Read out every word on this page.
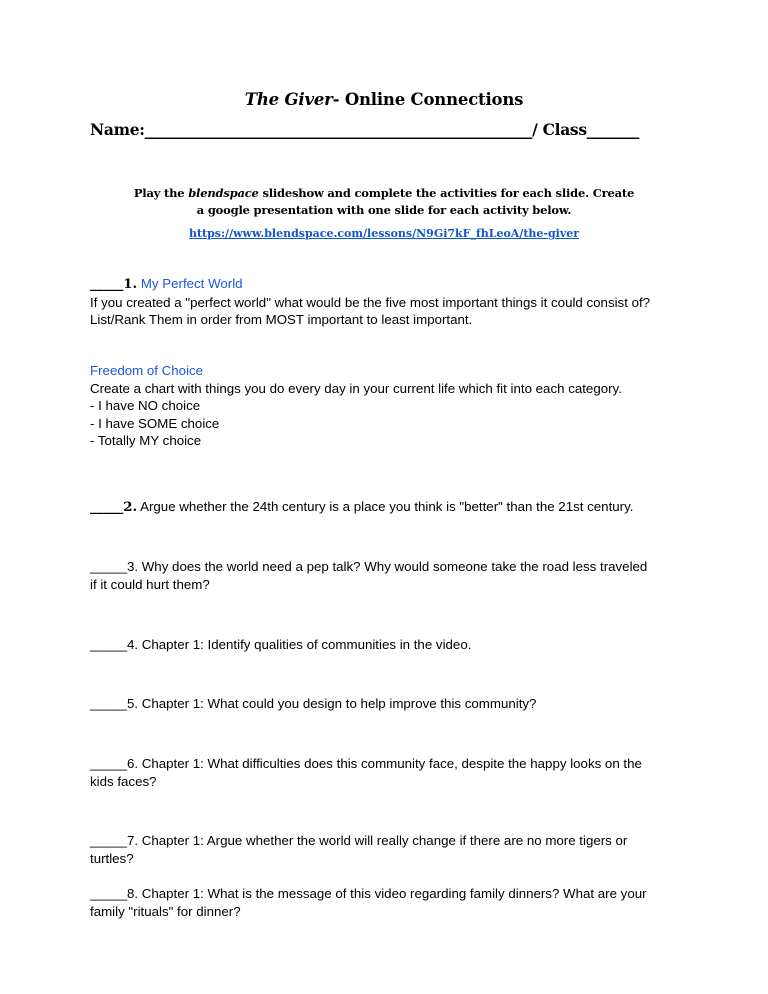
The Giver- Online Connections
Name:____________________________________________________/ Class_______
Play the blendspace slideshow and complete the activities for each slide. Create a google presentation with one slide for each activity below.
https://www.blendspace.com/lessons/N9Gi7kF_fhLeoA/the-giver

_____1. My Perfect World

If you created a "perfect world" what would be the five most important things it could consist of?

List/Rank Them in order from MOST important to least important.

Freedom of Choice

Create a chart with things you do every day in your current life which fit into each category.

- I have NO choice

- I have SOME choice

- Totally MY choice

_____2. Argue whether the 24th century is a place you think is "better" than the 21st century.

_____3. Why does the world need a pep talk? Why would someone take the road less traveled

if it could hurt them?

_____4. Chapter 1: Identify qualities of communities in the video.

_____5. Chapter 1: What could you design to help improve this community?

_____6. Chapter 1: What difficulties does this community face, despite the happy looks on the

kids faces?

_____7. Chapter 1: Argue whether the world will really change if there are no more tigers or

turtles?

_____8. Chapter 1: What is the message of this video regarding family dinners? What are your

family "rituals" for dinner?
